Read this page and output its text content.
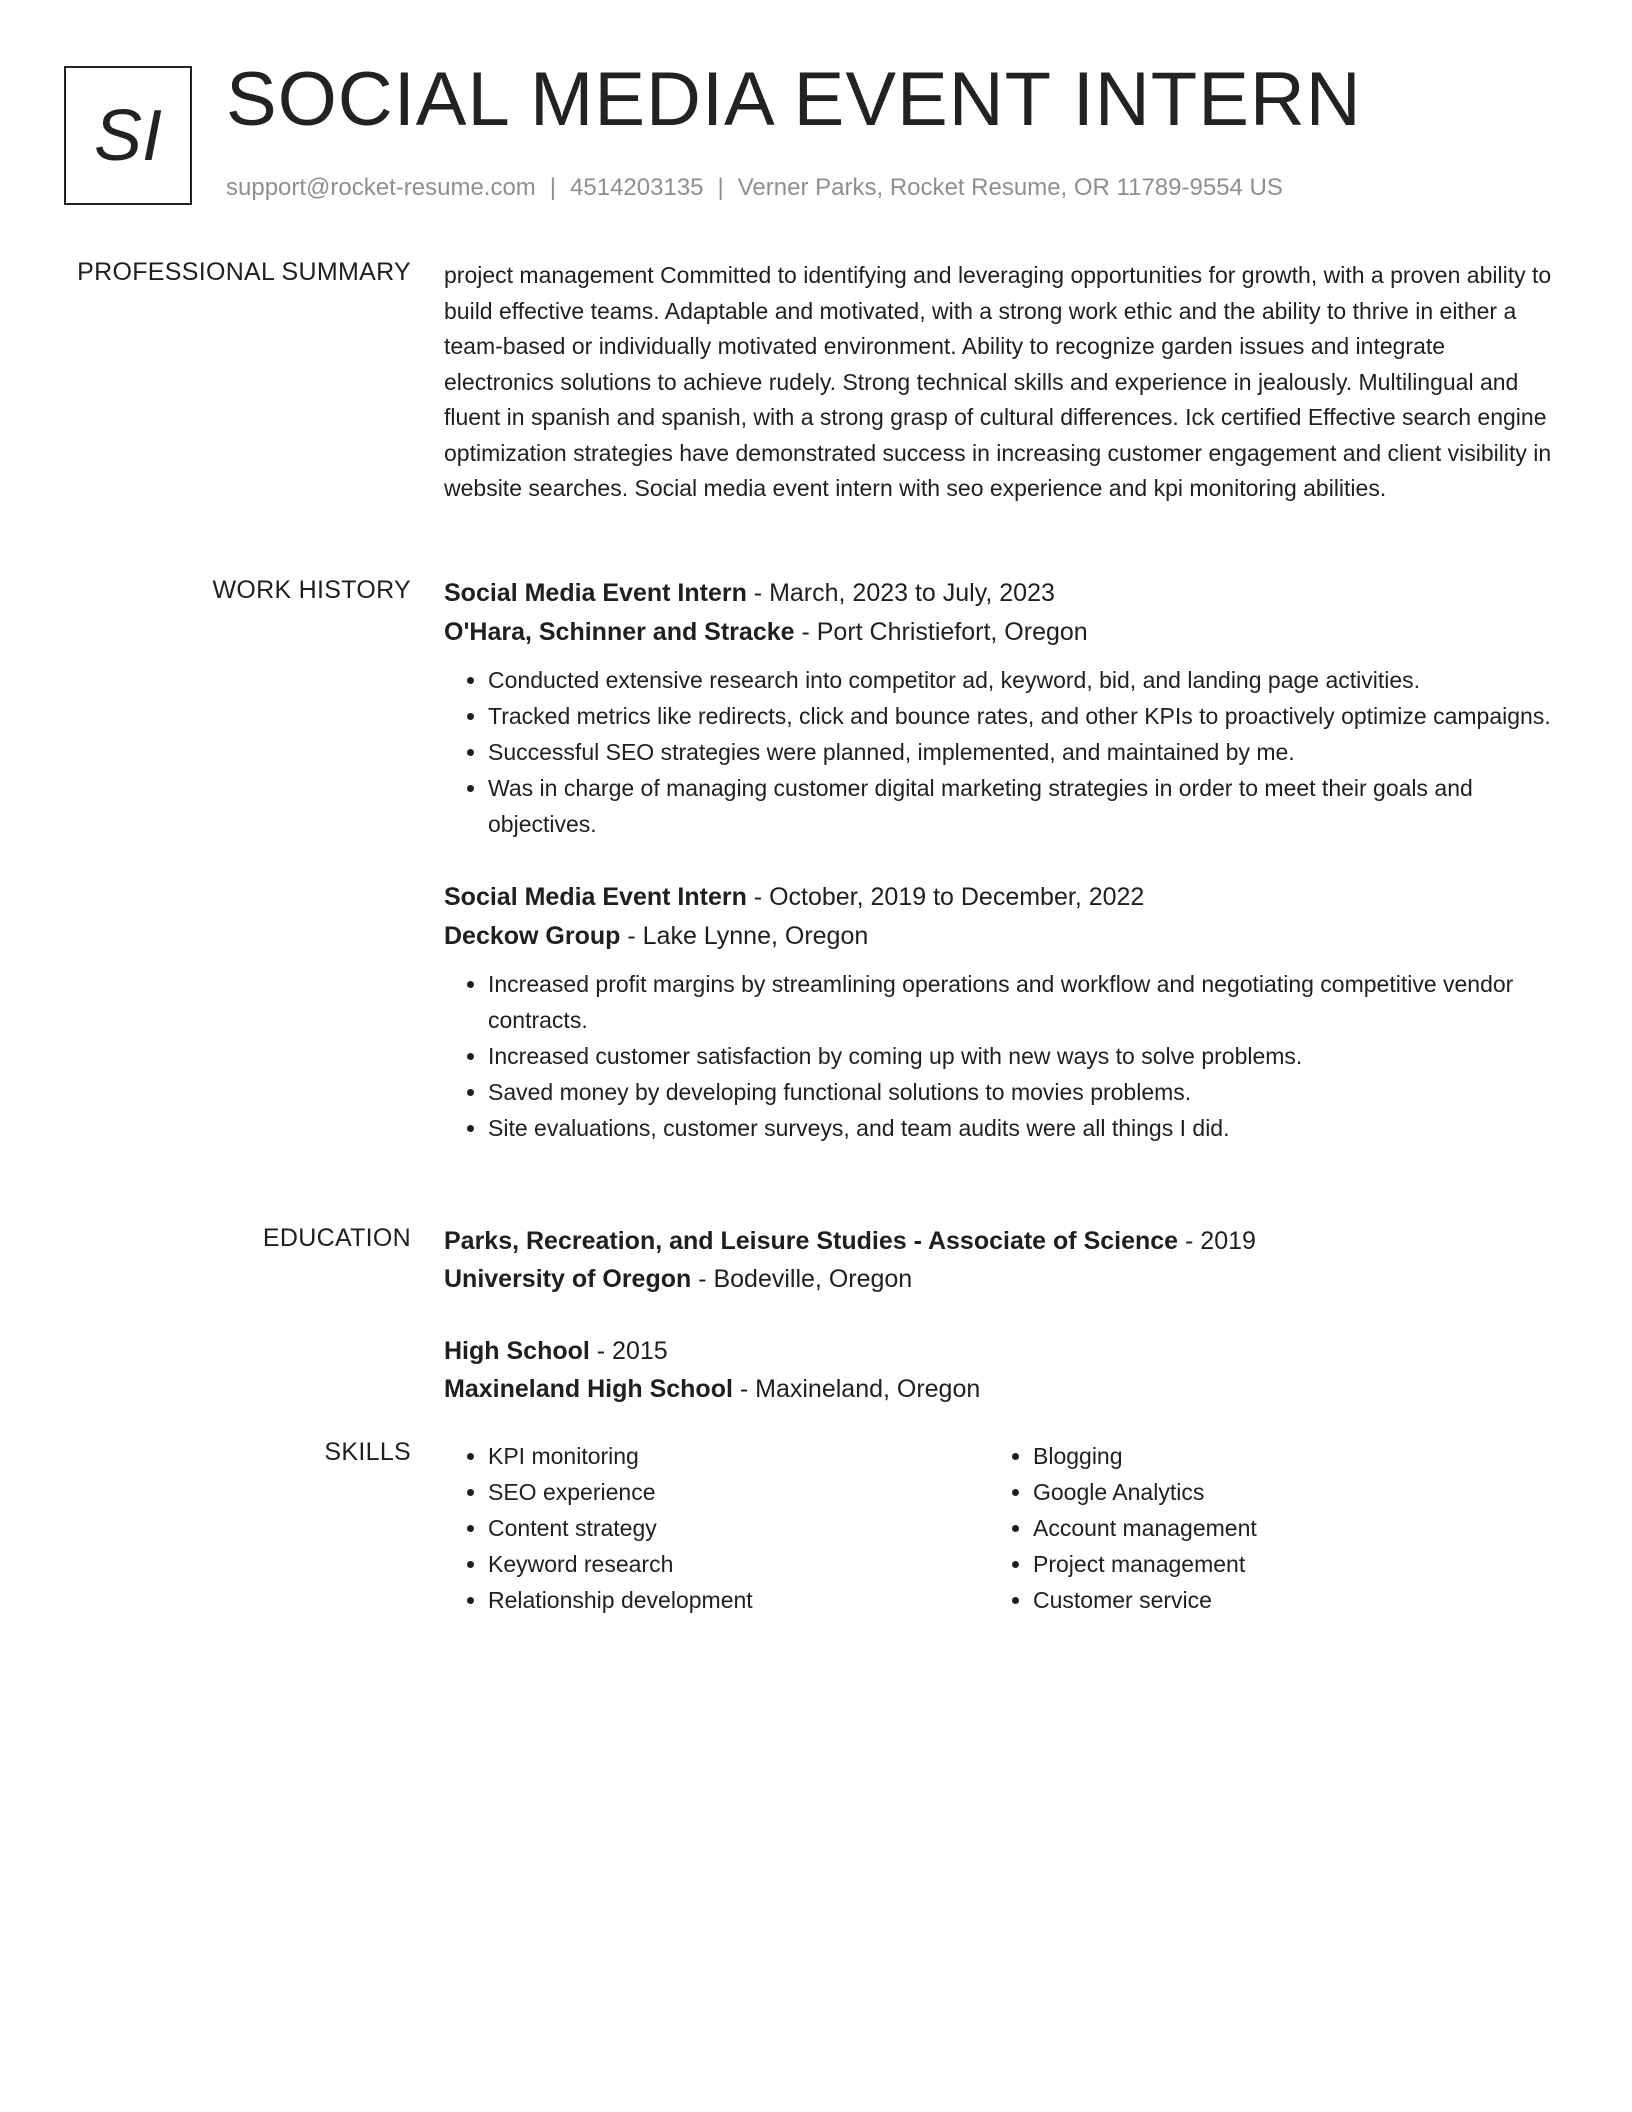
SI SOCIAL MEDIA EVENT INTERN
support@rocket-resume.com | 4514203135 | Verner Parks, Rocket Resume, OR 11789-9554 US
PROFESSIONAL SUMMARY project management Committed to identifying and leveraging opportunities for growth, with a proven ability to build effective teams. Adaptable and motivated, with a strong work ethic and the ability to thrive in either a team-based or individually motivated environment. Ability to recognize garden issues and integrate electronics solutions to achieve rudely. Strong technical skills and experience in jealously. Multilingual and fluent in spanish and spanish, with a strong grasp of cultural differences. Ick certified Effective search engine optimization strategies have demonstrated success in increasing customer engagement and client visibility in website searches. Social media event intern with seo experience and kpi monitoring abilities.

WORK HISTORY Social Media Event Intern - March, 2023 to July, 2023
O'Hara, Schinner and Stracke - Port Christiefort, Oregon
• Conducted extensive research into competitor ad, keyword, bid, and landing page activities.
• Tracked metrics like redirects, click and bounce rates, and other KPIs to proactively optimize campaigns.
• Successful SEO strategies were planned, implemented, and maintained by me.
• Was in charge of managing customer digital marketing strategies in order to meet their goals and objectives.
Social Media Event Intern - October, 2019 to December, 2022
Deckow Group - Lake Lynne, Oregon
• Increased profit margins by streamlining operations and workflow and negotiating competitive vendor contracts.
• Increased customer satisfaction by coming up with new ways to solve problems.
• Saved money by developing functional solutions to movies problems.
• Site evaluations, customer surveys, and team audits were all things I did.
EDUCATION Parks, Recreation, and Leisure Studies - Associate of Science - 2019
University of Oregon - Bodeville, Oregon
High School - 2015
Maxineland High School - Maxineland, Oregon
SKILLS
•	KPI monitoring
• SEO experience
• Content strategy
• Keyword research
• Relationship development
• Blogging
• Google Analytics
• Account management
• Project management
• Customer service
